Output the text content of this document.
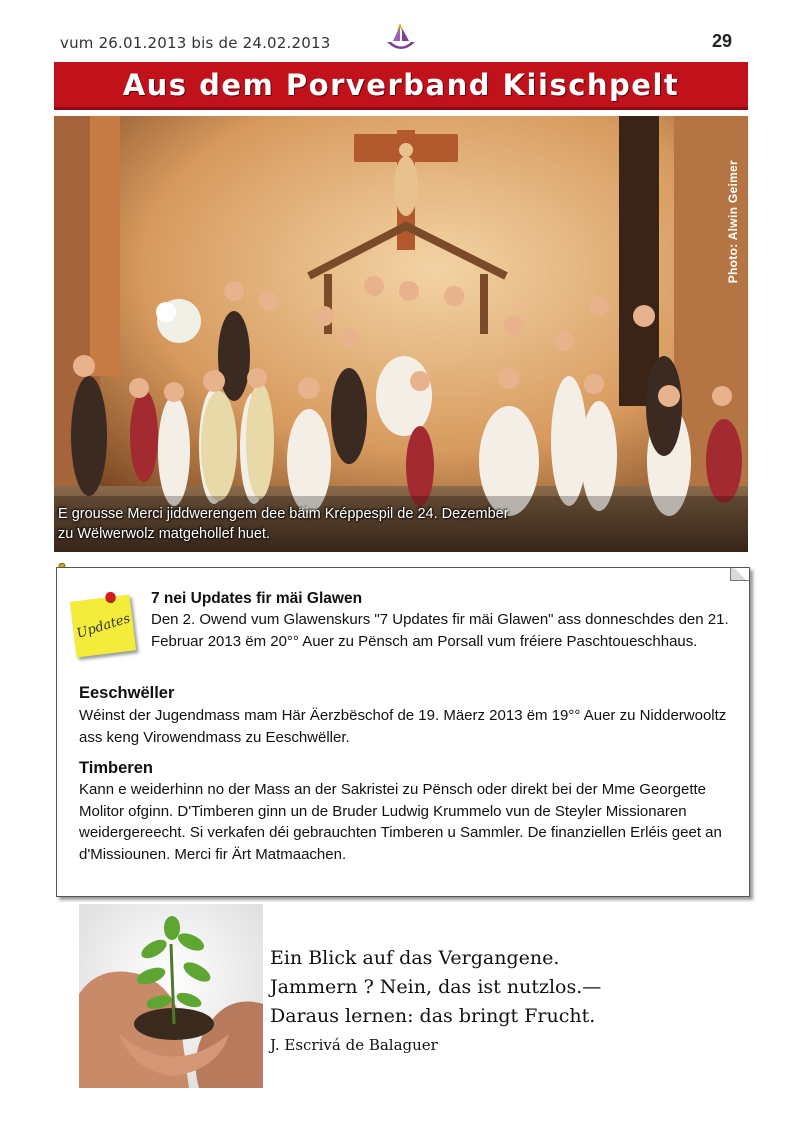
vum 26.01.2013 bis de 24.02.2013	29
Aus dem Porverband Kiischpelt
Photo: Alwin Geimer
E grousse Merci jiddwerengem dee bäim Kréppespil de 24. Dezember
zu Wëlwerwolz matgehollef huet.
Updates
7 nei Updates fir mäi Glawen
Den 2. Owend vum Glawenskurs "7 Updates fir mäi Glawen" ass donneschdes den 21. Februar 2013 ëm 20°° Auer zu Pënsch am Porsall vum fréiere Paschtoueschhaus.
Eeschwëller
Wéinst der Jugendmass mam Här Äerzbëschof de 19. Mäerz 2013 ëm 19°° Auer zu Nidderwooltz ass keng Virowendmass zu Eeschwëller.
Timberen
Kann e weiderhinn no der Mass an der Sakristei zu Pënsch oder direkt bei der Mme Georgette Molitor ofginn. D'Timberen ginn un de Bruder Ludwig Krummelo vun de Steyler Missionaren weidergereecht. Si verkafen déi gebrauchten Timberen u Sammler. De finanziellen Erléis geet an d'Missiounen. Merci fir Ärt Matmaachen.
Ein Blick auf das Vergangene.
Jammern ? Nein, das ist nutzlos.—
Daraus lernen: das bringt Frucht.
J. Escrivá de Balaguer
